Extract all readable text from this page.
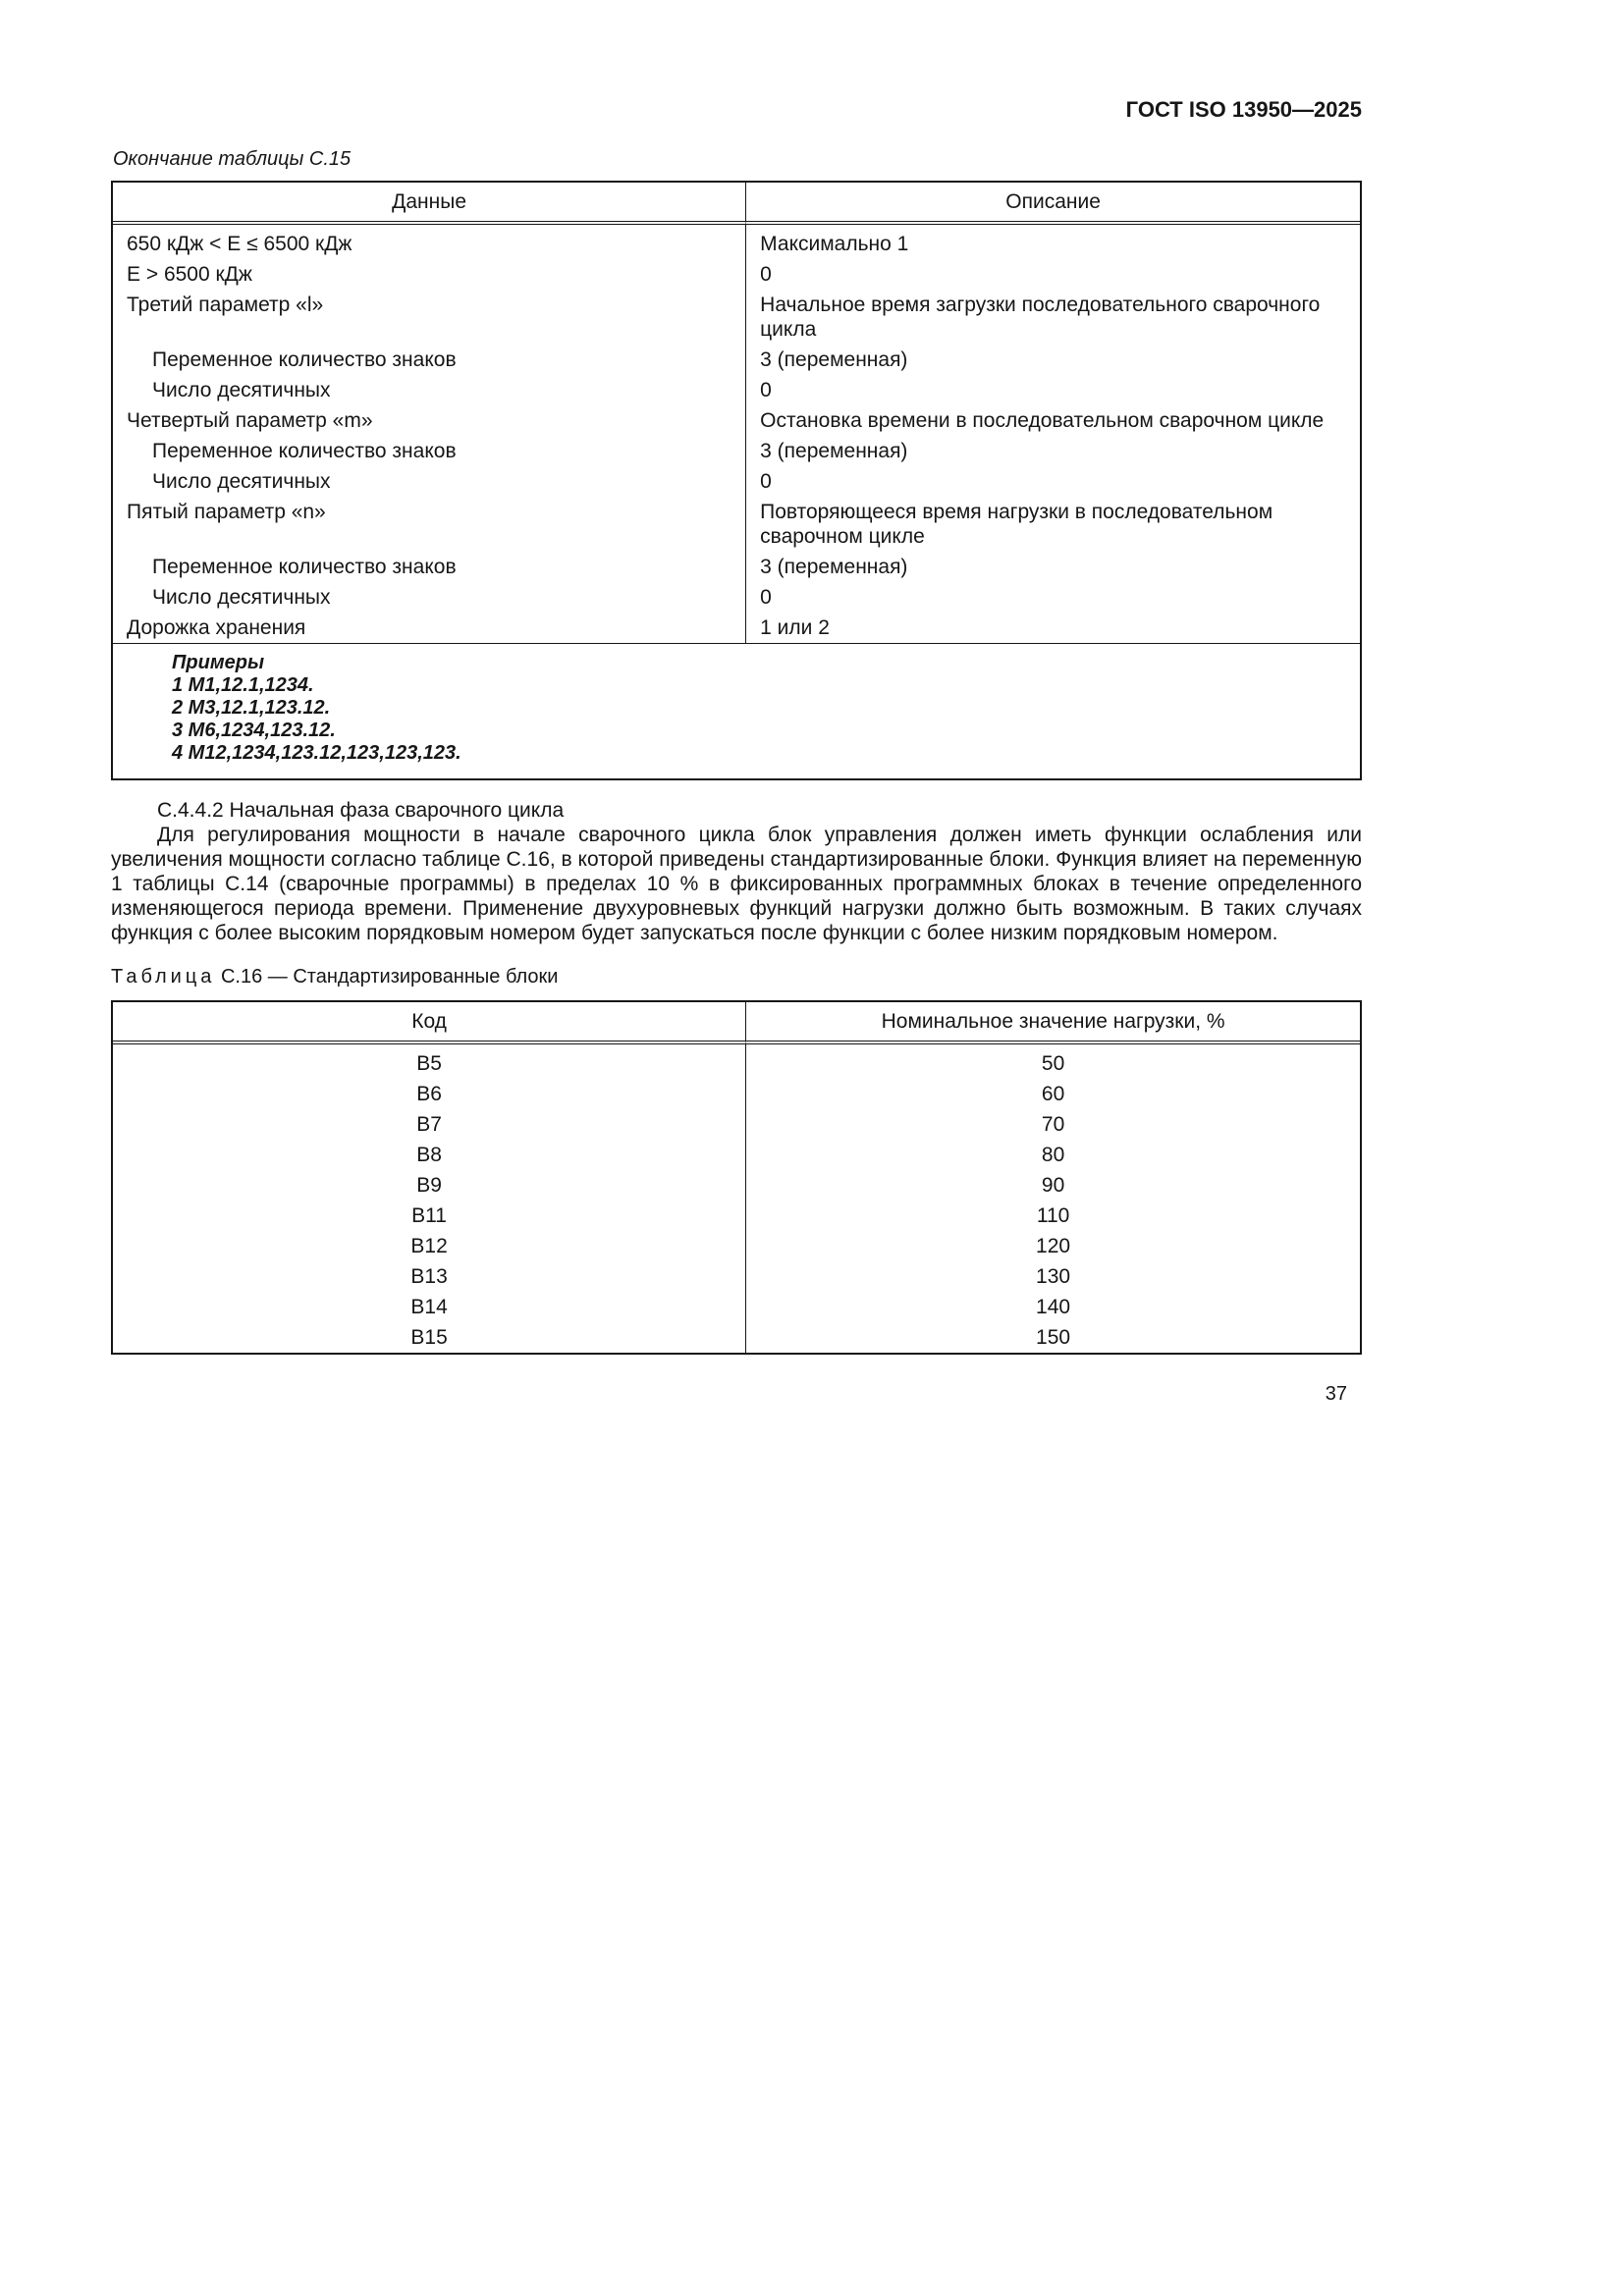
ГОСТ ISO 13950—2025

Окончание таблицы С.15

Данные	Описание
650 кДж < Е ≤ 6500 кДж	Максимально 1
Е > 6500 кДж	0
Третий параметр «l»	Начальное время загрузки последовательного сварочного цикла
Переменное количество знаков	3 (переменная)
Число десятичных	0
Четвертый параметр «m»	Остановка времени в последовательном сварочном цикле
Переменное количество знаков	3 (переменная)
Число десятичных	0
Пятый параметр «n»	Повторяющееся время нагрузки в последовательном сварочном цикле
Переменное количество знаков	3 (переменная)
Число десятичных	0
Дорожка хранения	1 или 2

Примеры
1 М1,12.1,1234.
2 М3,12.1,123.12.
3 М6,1234,123.12.
4 М12,1234,123.12,123,123,123.	

С.4.4.2 Начальная фаза сварочного цикла

Для регулирования мощности в начале сварочного цикла блок управления должен иметь функции ослабления или увеличения мощности согласно таблице С.16, в которой приведены стандартизированные блоки. Функция влияет на переменную 1 таблицы С.14 (сварочные программы) в пределах 10 % в фиксированных программных блоках в течение определенного изменяющегося периода времени. Применение двухуровневых функций нагрузки должно быть возможным. В таких случаях функция с более высоким порядковым номером будет запускаться после функции с более низким порядковым номером.

Таблица С.16 — Стандартизированные блоки

Код	Номинальное значение нагрузки, %
B5	50
B6	60
B7	70
B8	80
B9	90
B11	110
B12	120
B13	130
B14	140
B15	150
37
